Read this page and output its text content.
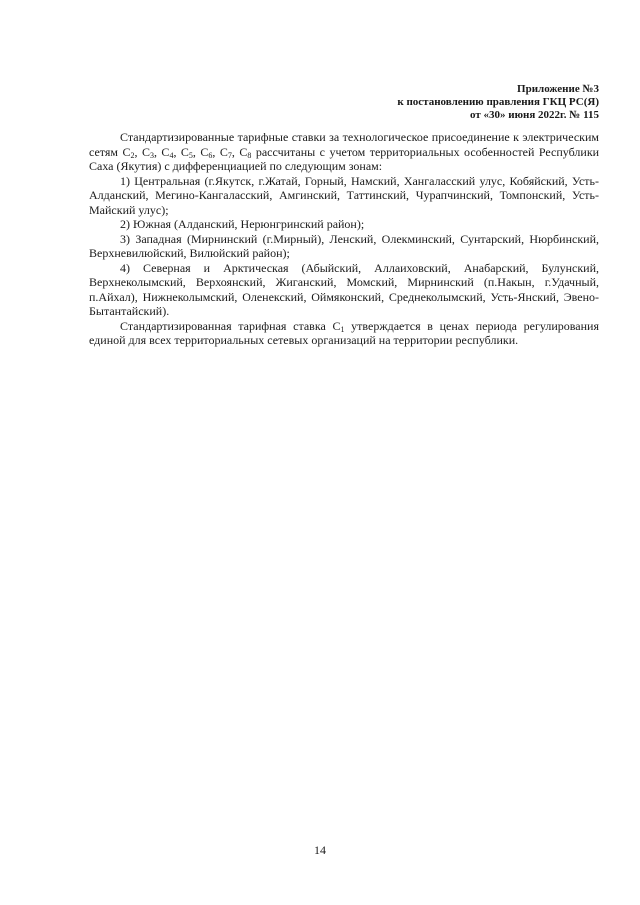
Приложение №3
к постановлению правления ГКЦ РС(Я)
от «30» июня 2022г. № 115

Стандартизированные тарифные ставки за технологическое присоединение к электрическим сетям $С_2$, $С_3$, $С_4$, $С_5$, $С_6$, $С_7$, $С_8$ рассчитаны с учетом территориальных особенностей Республики Саха (Якутия) с дифференциацией по следующим зонам:

1) Центральная (г.Якутск, г.Жатай, Горный, Намский, Хангаласский улус, Кобяйский, Усть-Алданский, Мегино-Кангаласский, Амгинский, Таттинский, Чурапчинский, Томпонский, Усть-Майский улус);

2) Южная (Алданский, Нерюнгринский район);

3) Западная (Мирнинский (г.Мирный), Ленский, Олекминский, Сунтарский, Нюрбинский, Верхневилюйский, Вилюйский район);

4) Северная и Арктическая (Абыйский, Аллаиховский, Анабарский, Булунский, Верхнеколымский, Верхоянский, Жиганский, Момский, Мирнинский (п.Накын, г.Удачный, п.Айхал), Нижнеколымский, Оленекский, Оймяконский, Среднеколымский, Усть-Янский, Эвено-Бытантайский).

Стандартизированная тарифная ставка $С_1$ утверждается в ценах периода регулирования единой для всех территориальных сетевых организаций на территории республики.

14
